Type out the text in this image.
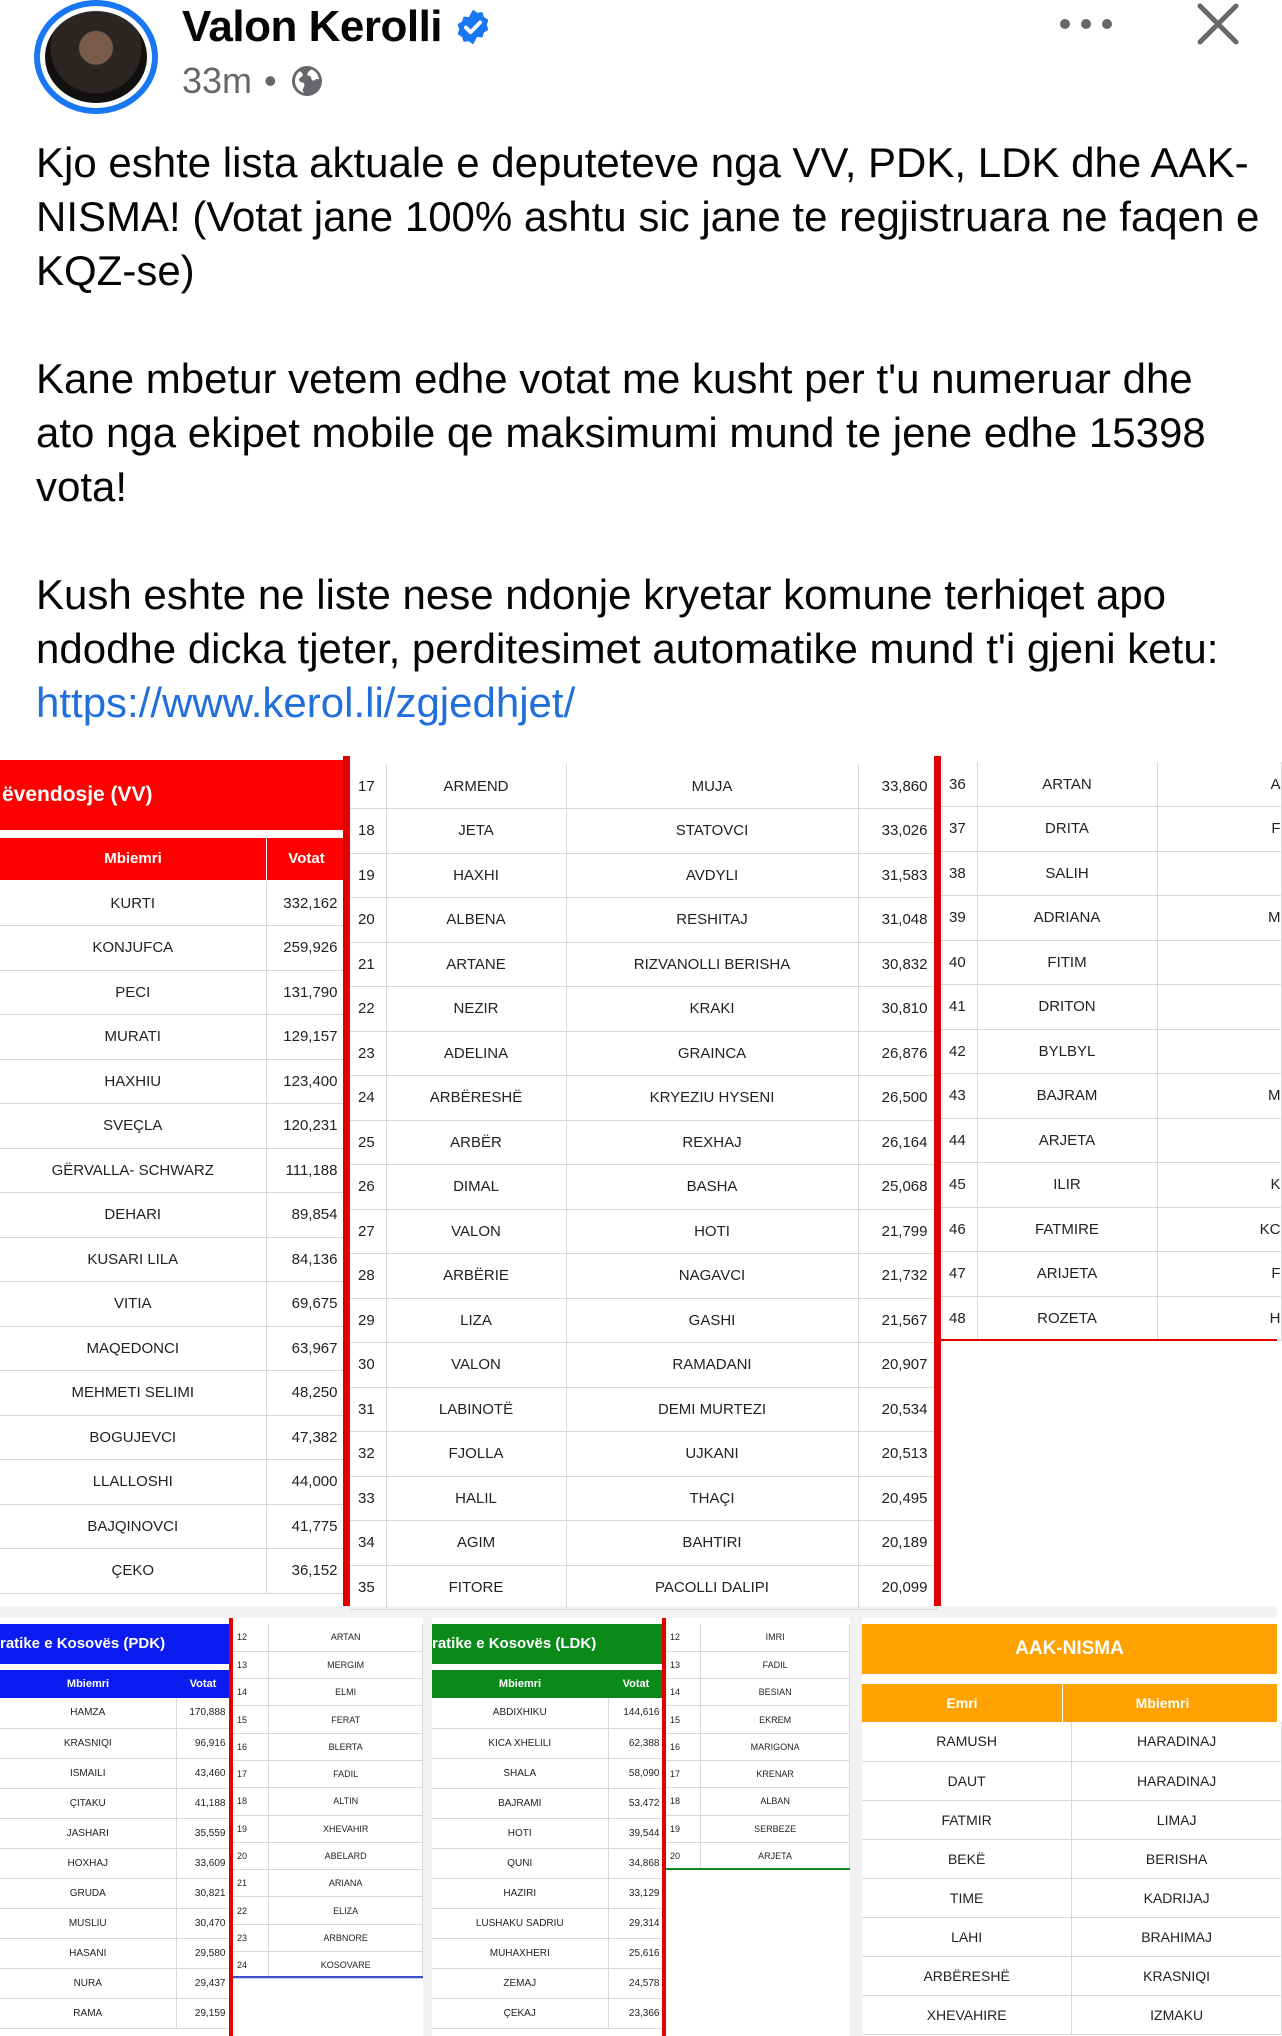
Valon Kerolli
33m •

Kjo eshte lista aktuale e deputeteve nga VV, PDK, LDK dhe AAK-NISMA! (Votat jane 100% ashtu sic jane te regjistruara ne faqen e KQZ-se)

Kane mbetur vetem edhe votat me kusht per t'u numeruar dhe ato nga ekipet mobile qe maksimumi mund te jene edhe 15398 vota!

Kush eshte ne liste nese ndonje kryetar komune terhiqet apo ndodhe dicka tjeter, perditesimet automatike mund t'i gjeni ketu: https://www.kerol.li/zgjedhjet/

ëvendosje (VV)
Mbiemri	Votat
KURTI	332,162
KONJUFCA	259,926
PECI	131,790
MURATI	129,157
HAXHIU	123,400
SVEÇLA	120,231
GËRVALLA- SCHWARZ	111,188
DEHARI	89,854
KUSARI LILA	84,136
VITIA	69,675
MAQEDONCI	63,967
MEHMETI SELIMI	48,250
BOGUJEVCI	47,382
LLALLOSHI	44,000
BAJQINOVCI	41,775
ÇEKO	36,152
17	ARMEND	MUJA	33,860
18	JETA	STATOVCI	33,026
19	HAXHI	AVDYLI	31,583
20	ALBENA	RESHITAJ	31,048
21	ARTANE	RIZVANOLLI BERISHA	30,832
22	NEZIR	KRAKI	30,810
23	ADELINA	GRAINCA	26,876
24	ARBËRESHË	KRYEZIU HYSENI	26,500
25	ARBËR	REXHAJ	26,164
26	DIMAL	BASHA	25,068
27	VALON	HOTI	21,799
28	ARBËRIE	NAGAVCI	21,732
29	LIZA	GASHI	21,567
30	VALON	RAMADANI	20,907
31	LABINOTË	DEMI MURTEZI	20,534
32	FJOLLA	UJKANI	20,513
33	HALIL	THAÇI	20,495
34	AGIM	BAHTIRI	20,189
35	FITORE	PACOLLI DALIPI	20,099
36	ARTAN	A
37	DRITA	F
38	SALIH	
39	ADRIANA	M
40	FITIM	
41	DRITON	
42	BYLBYL	
43	BAJRAM	M
44	ARJETA	
45	ILIR	K
46	FATMIRE	KC
47	ARIJETA	F
48	ROZETA	H
ratike e Kosovës (PDK)
Mbiemri	Votat
HAMZA	170,888
KRASNIQI	96,916
ISMAILI	43,460
ÇITAKU	41,188
JASHARI	35,559
HOXHAJ	33,609
GRUDA	30,821
MUSLIU	30,470
HASANI	29,580
NURA	29,437
RAMA	29,159
12	ARTAN
13	MERGIM
14	ELMI
15	FERAT
16	BLERTA
17	FADIL
18	ALTIN
19	XHEVAHIR
20	ABELARD
21	ARIANA
22	ELIZA
23	ARBNORE
24	KOSOVARE
ratike e Kosovës (LDK)
Mbiemri	Votat
ABDIXHIKU	144,616
KICA XHELILI	62,388
SHALA	58,090
BAJRAMI	53,472
HOTI	39,544
QUNI	34,868
HAZIRI	33,129
LUSHAKU SADRIU	29,314
MUHAXHERI	25,616
ZEMAJ	24,578
ÇEKAJ	23,366
12	IMRI
13	FADIL
14	BESIAN
15	EKREM
16	MARIGONA
17	KRENAR
18	ALBAN
19	SERBEZE
20	ARJETA
AAK-NISMA
Emri	Mbiemri
RAMUSH	HARADINAJ
DAUT	HARADINAJ
FATMIR	LIMAJ
BEKË	BERISHA
TIME	KADRIJAJ
LAHI	BRAHIMAJ
ARBËRESHË	KRASNIQI
XHEVAHIRE	IZMAKU
